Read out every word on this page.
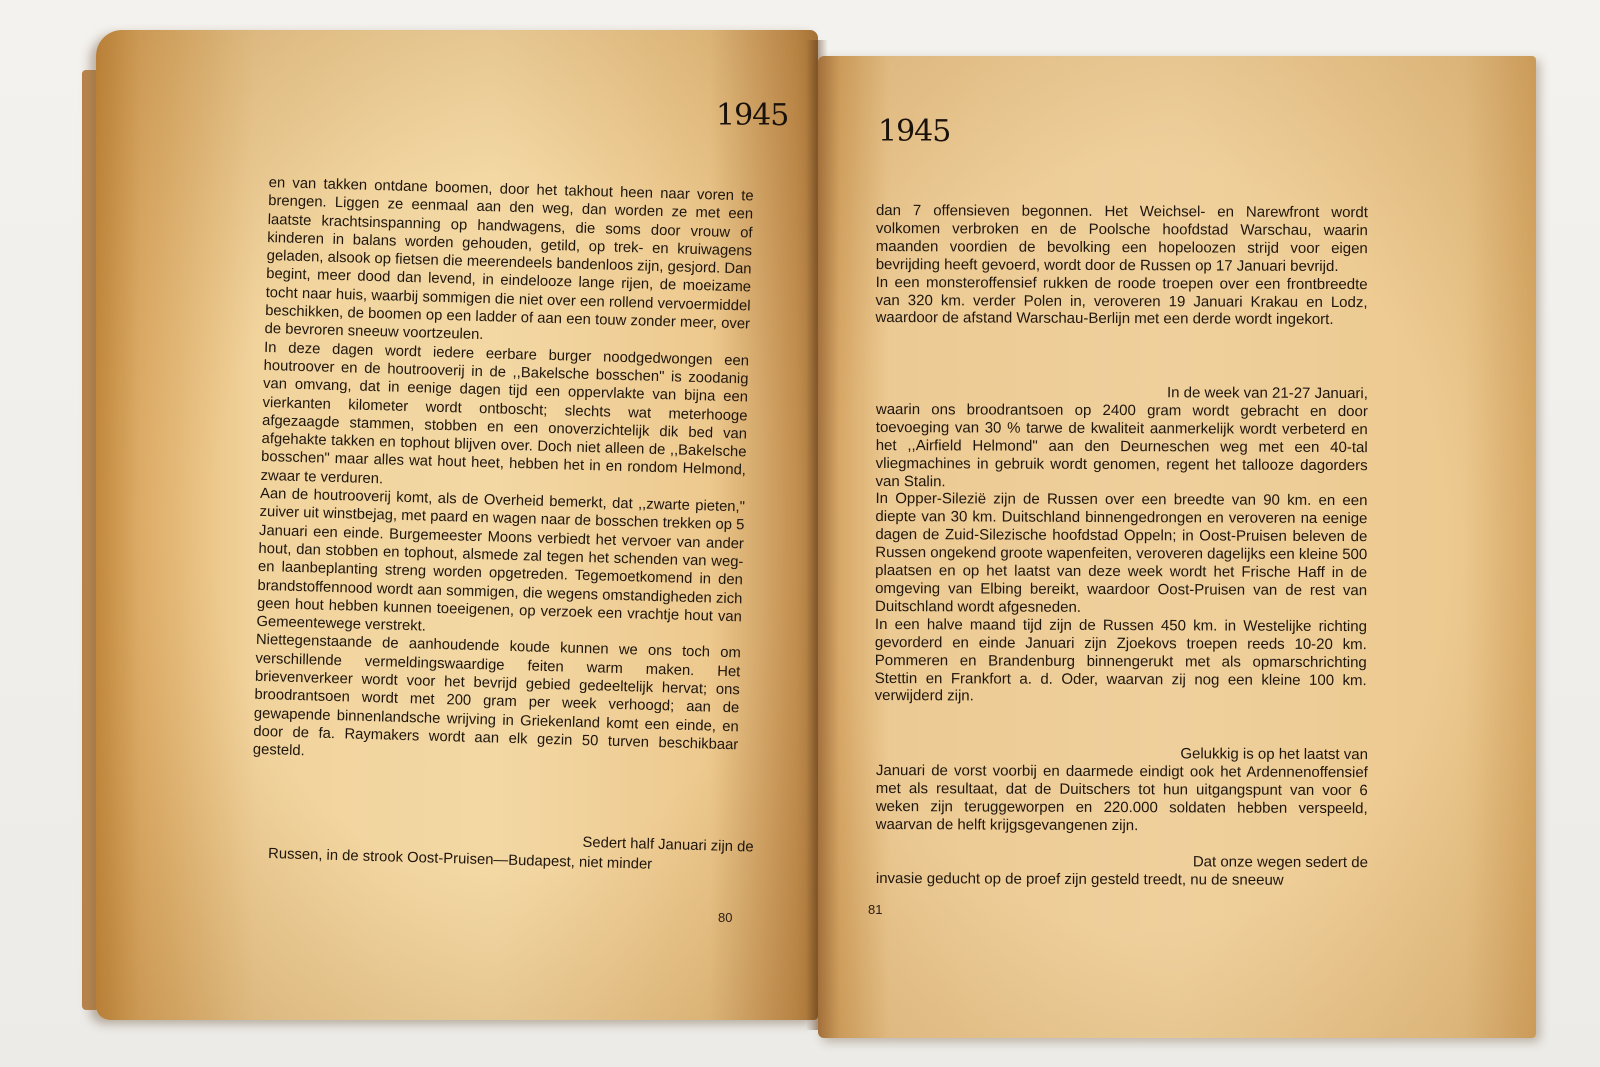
1945

en van takken ontdane boomen, door het takhout heen naar voren te brengen. Liggen ze eenmaal aan den weg, dan worden ze met een laatste krachtsinspanning op handwagens, die soms door vrouw of kinderen in balans worden gehouden, getild, op trek- en kruiwagens geladen, alsook op fietsen die meerendeels bandenloos zijn, gesjord. Dan begint, meer dood dan levend, in eindelooze lange rijen, de moeizame tocht naar huis, waarbij sommigen die niet over een rollend vervoermiddel beschikken, de boomen op een ladder of aan een touw zonder meer, over de bevroren sneeuw voortzeulen.

In deze dagen wordt iedere eerbare burger noodgedwongen een houtroover en de houtrooverij in de ,,Bakelsche bosschen" is zoodanig van omvang, dat in eenige dagen tijd een oppervlakte van bijna een vierkanten kilometer wordt ontboscht; slechts wat meterhooge afgezaagde stammen, stobben en een onoverzichtelijk dik bed van afgehakte takken en tophout blijven over. Doch niet alleen de ,,Bakelsche bosschen" maar alles wat hout heet, hebben het in en rondom Helmond, zwaar te verduren.

Aan de houtrooverij komt, als de Overheid bemerkt, dat ,,zwarte pieten," zuiver uit winstbejag, met paard en wagen naar de bosschen trekken op 5 Januari een einde. Burgemeester Moons verbiedt het vervoer van ander hout, dan stobben en tophout, alsmede zal tegen het schenden van weg- en laanbeplanting streng worden opgetreden. Tegemoetkomend in den brandstoffennood wordt aan sommigen, die wegens omstandigheden zich geen hout hebben kunnen toeeigenen, op verzoek een vrachtje hout van Gemeentewege verstrekt.

Niettegenstaande de aanhoudende koude kunnen we ons toch om verschillende vermeldingswaardige feiten warm maken. Het brievenverkeer wordt voor het bevrijd gebied gedeeltelijk hervat; ons broodrantsoen wordt met 200 gram per week verhoogd; aan de gewapende binnenlandsche wrijving in Griekenland komt een einde, en door de fa. Raymakers wordt aan elk gezin 50 turven beschikbaar gesteld.

Sedert half Januari zijn de

Russen, in de strook Oost-Pruisen—Budapest, niet minder

80
1945

dan 7 offensieven begonnen. Het Weichsel- en Narewfront wordt volkomen verbroken en de Poolsche hoofdstad Warschau, waarin maanden voordien de bevolking een hopeloozen strijd voor eigen bevrijding heeft gevoerd, wordt door de Russen op 17 Januari bevrijd.

In een monsteroffensief rukken de roode troepen over een frontbreedte van 320 km. verder Polen in, veroveren 19 Januari Krakau en Lodz, waardoor de afstand Warschau-Berlijn met een derde wordt ingekort.

In de week van 21-27 Januari,

waarin ons broodrantsoen op 2400 gram wordt gebracht en door toevoeging van 30 % tarwe de kwaliteit aanmerkelijk wordt verbeterd en het ,,Airfield Helmond" aan den Deurneschen weg met een 40-tal vliegmachines in gebruik wordt genomen, regent het tallooze dagorders van Stalin.

In Opper-Silezië zijn de Russen over een breedte van 90 km. en een diepte van 30 km. Duitschland binnengedrongen en veroveren na eenige dagen de Zuid-Silezische hoofdstad Oppeln; in Oost-Pruisen beleven de Russen ongekend groote wapenfeiten, veroveren dagelijks een kleine 500 plaatsen en op het laatst van deze week wordt het Frische Haff in de omgeving van Elbing bereikt, waardoor Oost-Pruisen van de rest van Duitschland wordt afgesneden.

In een halve maand tijd zijn de Russen 450 km. in Westelijke richting gevorderd en einde Januari zijn Zjoekovs troepen reeds 10-20 km. Pommeren en Brandenburg binnengerukt met als opmarschrichting Stettin en Frankfort a. d. Oder, waarvan zij nog een kleine 100 km. verwijderd zijn.

Gelukkig is op het laatst van

Januari de vorst voorbij en daarmede eindigt ook het Ardennenoffensief met als resultaat, dat de Duitschers tot hun uitgangspunt van voor 6 weken zijn teruggeworpen en 220.000 soldaten hebben verspeeld, waarvan de helft krijgsgevangenen zijn.

Dat onze wegen sedert de

invasie geducht op de proef zijn gesteld treedt, nu de sneeuw

81
